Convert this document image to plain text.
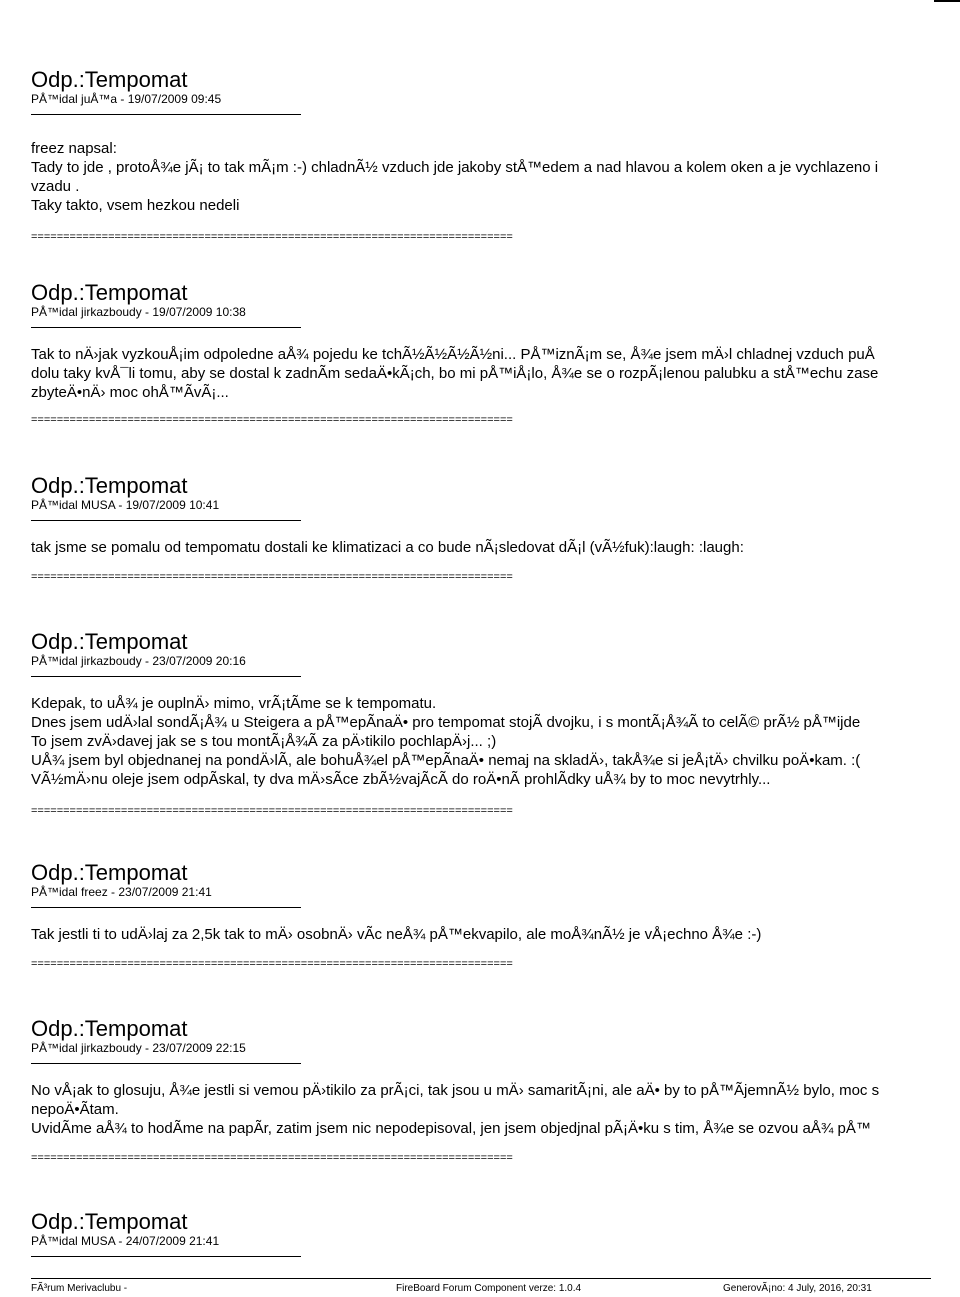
Odp.:Tempomat
PÅ™idal juÅ™a - 19/07/2009 09:45
freez napsal:
Tady to jde , protoÅ¾e jÃ¡ to tak mÃ¡m :-) chladnÃ½ vzduch jde jakoby stÅ™edem a nad hlavou a kolem oken a je vychlazeno i
vzadu .
Taky takto, vsem hezkou nedeli
===========================================================================
Odp.:Tempomat
PÅ™idal jirkazboudy - 19/07/2009 10:38
Tak to nÄ›jak vyzkouÅ¡im odpoledne aÅ¾ pojedu ke tchÃ½Ã½Ã½Ã½ni... PÅ™iznÃ¡m se, Å¾e jsem mÄ›l chladnej vzduch puÅ
dolu taky kvÅ¯li tomu, aby se dostal k zadnÃm sedaÄ•kÃ¡ch, bo mi pÅ™iÅ¡lo, Å¾e se o rozpÃ¡lenou palubku a stÅ™echu zase
zbyteÄ•nÄ› moc ohÅ™ÃvÃ¡...
===========================================================================
Odp.:Tempomat
PÅ™idal MUSA - 19/07/2009 10:41
tak jsme se pomalu od tempomatu dostali ke klimatizaci a co bude nÃ¡sledovat dÃ¡l (vÃ½fuk):laugh: :laugh:
===========================================================================
Odp.:Tempomat
PÅ™idal jirkazboudy - 23/07/2009 20:16
Kdepak, to uÅ¾ je ouplnÄ› mimo, vrÃ¡tÃme se k tempomatu.
Dnes jsem udÄ›lal sondÃ¡Å¾ u Steigera a pÅ™epÃnaÄ• pro tempomat stojÃ dvojku, i s montÃ¡Å¾Ã to celÃ© prÃ½ pÅ™ijde
To jsem zvÄ›davej jak se s tou montÃ¡Å¾Ã za pÄ›tikilo pochlapÄ›j... ;)
UÅ¾ jsem byl objednanej na pondÄ›lÃ, ale bohuÅ¾el pÅ™epÃnaÄ• nemaj na skladÄ›, takÅ¾e si jeÅ¡tÄ› chvilku poÄ•kam. :(
VÃ½mÄ›nu oleje jsem odpÃskal, ty dva mÄ›sÃce zbÃ½vajÃcÃ do roÄ•nÃ prohlÃdky uÅ¾ by to moc nevytrhly...
===========================================================================
Odp.:Tempomat
PÅ™idal freez - 23/07/2009 21:41
Tak jestli ti to udÄ›laj za 2,5k tak to mÄ› osobnÄ› vÃc neÅ¾ pÅ™ekvapilo, ale moÅ¾nÃ½ je vÅ¡echno Å¾e :-)
===========================================================================
Odp.:Tempomat
PÅ™idal jirkazboudy - 23/07/2009 22:15
No vÅ¡ak to glosuju, Å¾e jestli si vemou pÄ›tikilo za prÃ¡ci, tak jsou u mÄ› samaritÃ¡ni, ale aÄ• by to pÅ™ÃjemnÃ½ bylo, moc s
nepoÄ•Ãtam.
UvidÃme aÅ¾ to hodÃme na papÃr, zatim jsem nic nepodepisoval, jen jsem objedjnal pÃ¡Ä•ku s tim, Å¾e se ozvou aÅ¾ pÅ™
===========================================================================
Odp.:Tempomat
PÅ™idal MUSA - 24/07/2009 21:41
FÃ³rum Merivaclubu -	FireBoard Forum Component verze: 1.0.4	GenerovÃ¡no: 4 July, 2016, 20:31
